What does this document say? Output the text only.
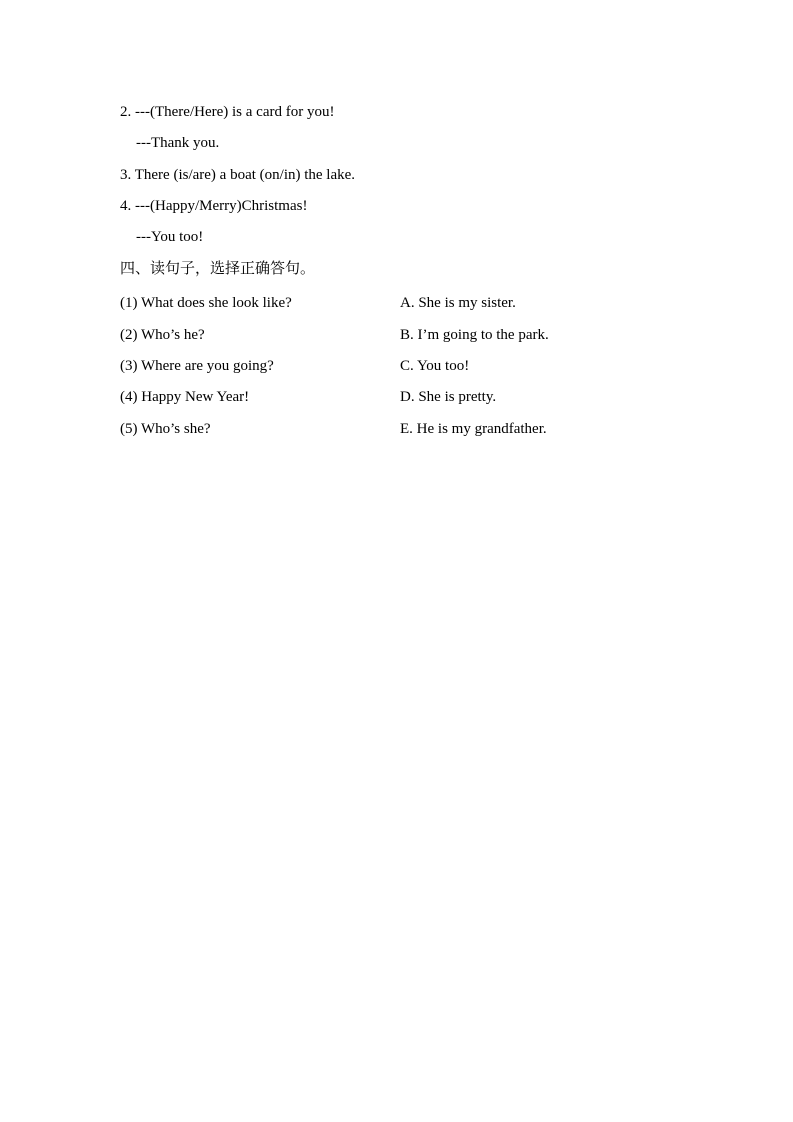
2. ---(There/Here) is a card for you!
---Thank you.
3. There (is/are) a boat (on/in) the lake.
4. ---(Happy/Merry)Christmas!
---You too!
四、读句子，选择正确答句。
(1) What does she look like?	A. She is my sister.
(2) Who’s he?	B. I’m going to the park.
(3) Where are you going?	C. You too!
(4) Happy New Year!	D. She is pretty.
(5) Who’s she?	E. He is my grandfather.
